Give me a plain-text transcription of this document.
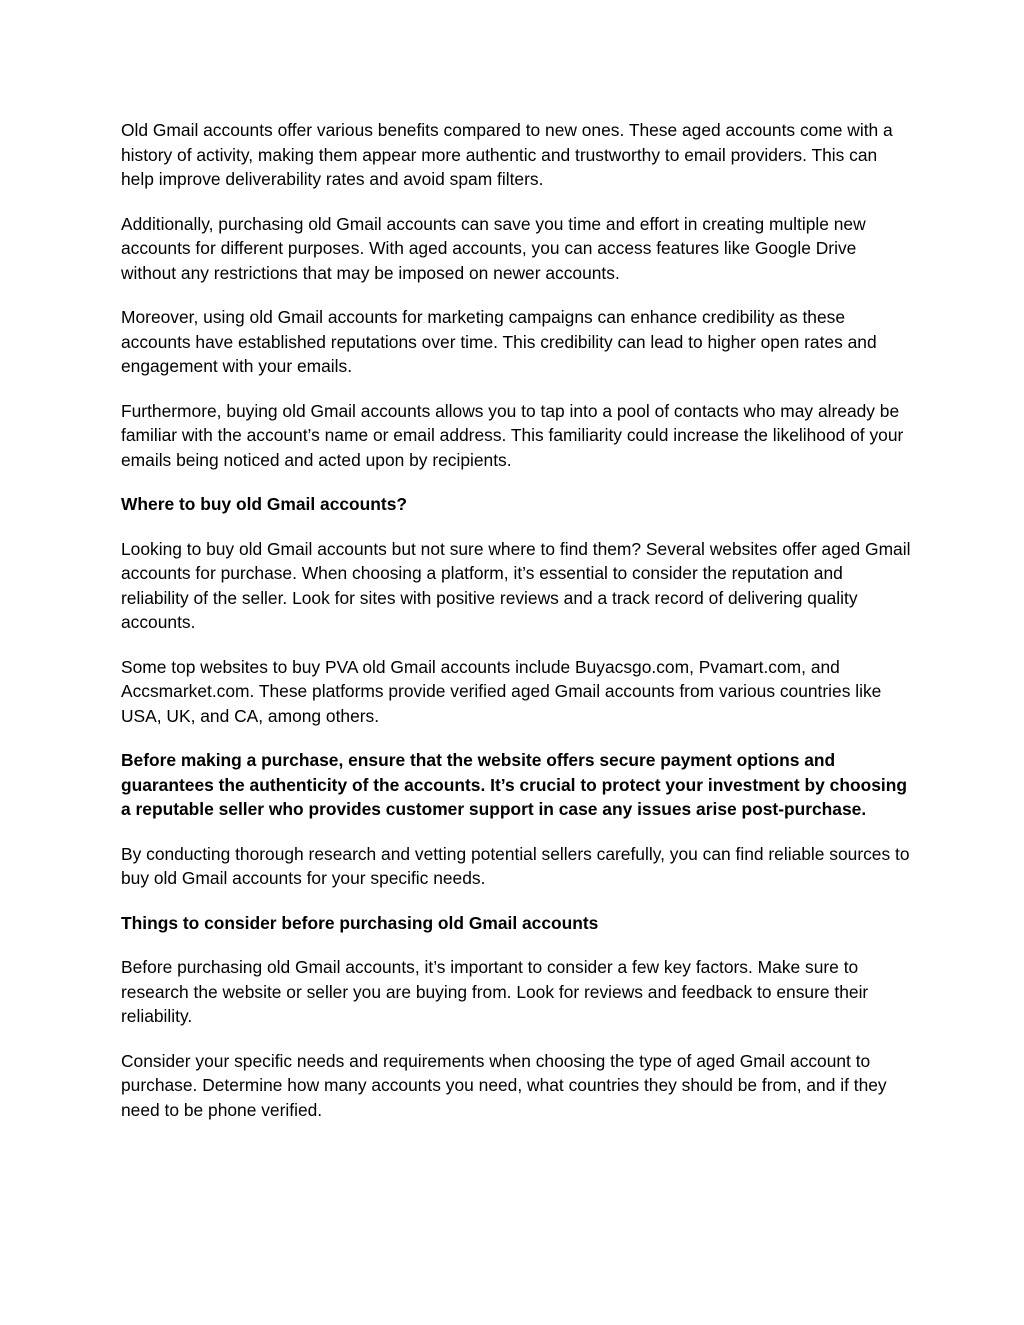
Old Gmail accounts offer various benefits compared to new ones. These aged accounts come with a history of activity, making them appear more authentic and trustworthy to email providers. This can help improve deliverability rates and avoid spam filters.

Additionally, purchasing old Gmail accounts can save you time and effort in creating multiple new accounts for different purposes. With aged accounts, you can access features like Google Drive without any restrictions that may be imposed on newer accounts.

Moreover, using old Gmail accounts for marketing campaigns can enhance credibility as these accounts have established reputations over time. This credibility can lead to higher open rates and engagement with your emails.

Furthermore, buying old Gmail accounts allows you to tap into a pool of contacts who may already be familiar with the account’s name or email address. This familiarity could increase the likelihood of your emails being noticed and acted upon by recipients.

Where to buy old Gmail accounts?

Looking to buy old Gmail accounts but not sure where to find them? Several websites offer aged Gmail accounts for purchase. When choosing a platform, it’s essential to consider the reputation and reliability of the seller. Look for sites with positive reviews and a track record of delivering quality accounts.

Some top websites to buy PVA old Gmail accounts include Buyacsgo.com, Pvamart.com, and Accsmarket.com. These platforms provide verified aged Gmail accounts from various countries like USA, UK, and CA, among others.

Before making a purchase, ensure that the website offers secure payment options and guarantees the authenticity of the accounts. It’s crucial to protect your investment by choosing a reputable seller who provides customer support in case any issues arise post-purchase.

By conducting thorough research and vetting potential sellers carefully, you can find reliable sources to buy old Gmail accounts for your specific needs.

Things to consider before purchasing old Gmail accounts

Before purchasing old Gmail accounts, it’s important to consider a few key factors. Make sure to research the website or seller you are buying from. Look for reviews and feedback to ensure their reliability.

Consider your specific needs and requirements when choosing the type of aged Gmail account to purchase. Determine how many accounts you need, what countries they should be from, and if they need to be phone verified.
